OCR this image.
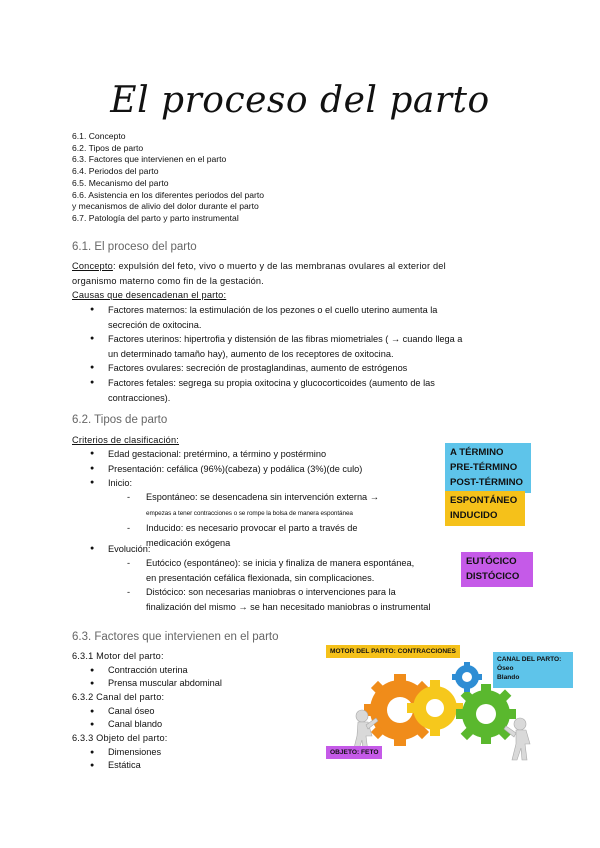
El proceso del parto
6.1. Concepto
6.2. Tipos de parto
6.3. Factores que intervienen en el parto
6.4. Periodos del parto
6.5. Mecanismo del parto
6.6. Asistencia en los diferentes periodos del parto
y mecanismos de alivio del dolor durante el parto
6.7. Patología del parto y parto instrumental
6.1. El proceso del parto
Concepto: expulsión del feto, vivo o muerto y de las membranas ovulares al exterior del
organismo materno como fin de la gestación.
Causas que desencadenan el parto:
● Factores maternos: la estimulación de los pezones o el cuello uterino aumenta la
secreción de oxitocina.
● Factores uterinos: hipertrofia y distensión de las fibras miometriales ( → cuando llega a
un determinado tamaño hay), aumento de los receptores de oxitocina.
● Factores ovulares: secreción de prostaglandinas, aumento de estrógenos
● Factores fetales: segrega su propia oxitocina y glucocorticoides (aumento de las
contracciones).
6.2. Tipos de parto
Criterios de clasificación:
● Edad gestacional: pretérmino, a término y postérmino
● Presentación: cefálica (96%)(cabeza) y podálica (3%)(de culo)
● Inicio:
- Espontáneo: se desencadena sin intervención externa →
empezas a tener contracciones o se rompe la bolsa de manera espontánea
- Inducido: es necesario provocar el parto a través de
medicación exógena
● Evolución:
- Eutócico (espontáneo): se inicia y finaliza de manera espontánea,
en presentación cefálica flexionada, sin complicaciones.
- Distócico: son necesarias maniobras o intervenciones para la
finalización del mismo → se han necesitado maniobras o instrumental
A TÉRMINO
PRE-TÉRMINO
POST-TÉRMINO
ESPONTÁNEO
INDUCIDO
EUTÓCICO
DISTÓCICO
6.3. Factores que intervienen en el parto
6.3.1 Motor del parto:
● Contracción uterina
● Prensa muscular abdominal
6.3.2 Canal del parto:
● Canal óseo
● Canal blando
6.3.3 Objeto del parto:
● Dimensiones
● Estática
MOTOR DEL PARTO: CONTRACCIONES
CANAL DEL PARTO:
Óseo
Blando
OBJETO: FETO
